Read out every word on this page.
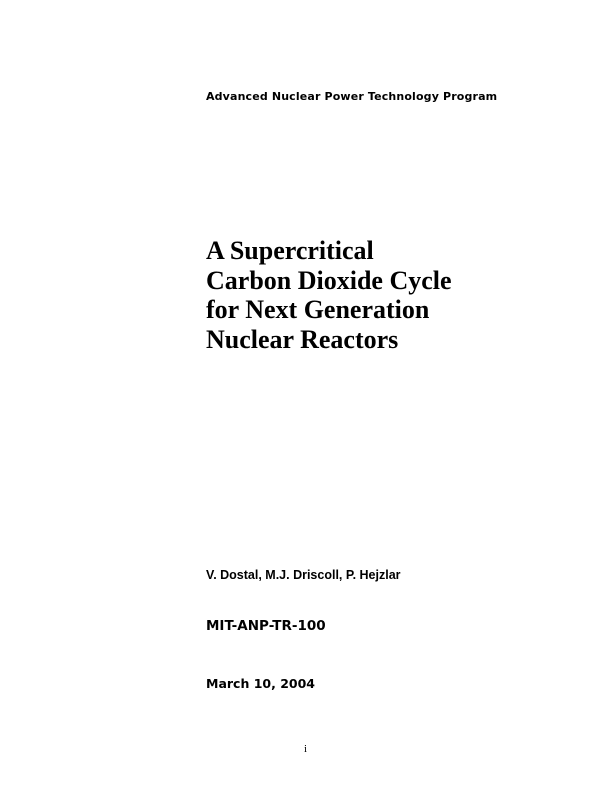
Advanced Nuclear Power Technology Program
A Supercritical
Carbon Dioxide Cycle
for Next Generation
Nuclear Reactors
V. Dostal, M.J. Driscoll, P. Hejzlar
MIT-ANP-TR-100
March 10, 2004
i
